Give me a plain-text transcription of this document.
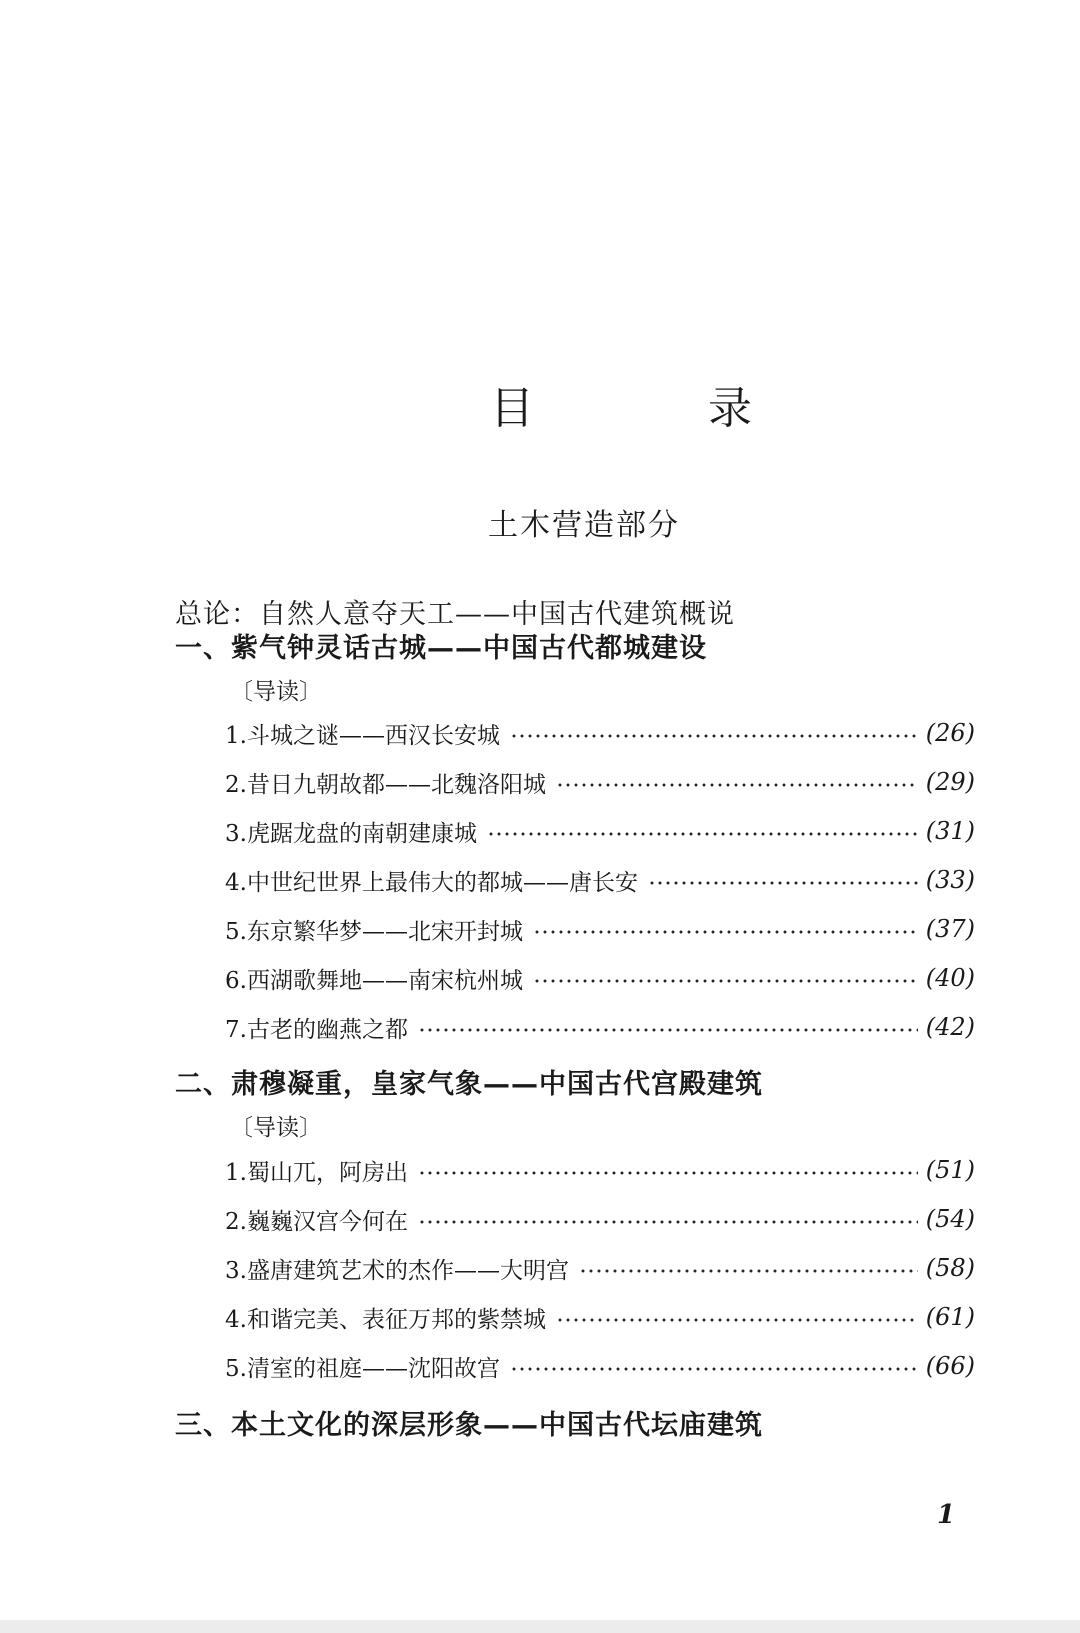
目 录
土木营造部分
总论：自然人意夺天工——中国古代建筑概说
一、紫气钟灵话古城——中国古代都城建设
〔导读〕
1.斗城之谜——西汉长安城	(26)
2.昔日九朝故都——北魏洛阳城	(29)
3.虎踞龙盘的南朝建康城	(31)
4.中世纪世界上最伟大的都城——唐长安	(33)
5.东京繁华梦——北宋开封城	(37)
6.西湖歌舞地——南宋杭州城	(40)
7.古老的幽燕之都	(42)
二、肃穆凝重，皇家气象——中国古代宫殿建筑
〔导读〕
1.蜀山兀，阿房出	(51)
2.巍巍汉宫今何在	(54)
3.盛唐建筑艺术的杰作——大明宫	(58)
4.和谐完美、表征万邦的紫禁城	(61)
5.清室的祖庭——沈阳故宫	(66)
三、本土文化的深层形象——中国古代坛庙建筑
1
